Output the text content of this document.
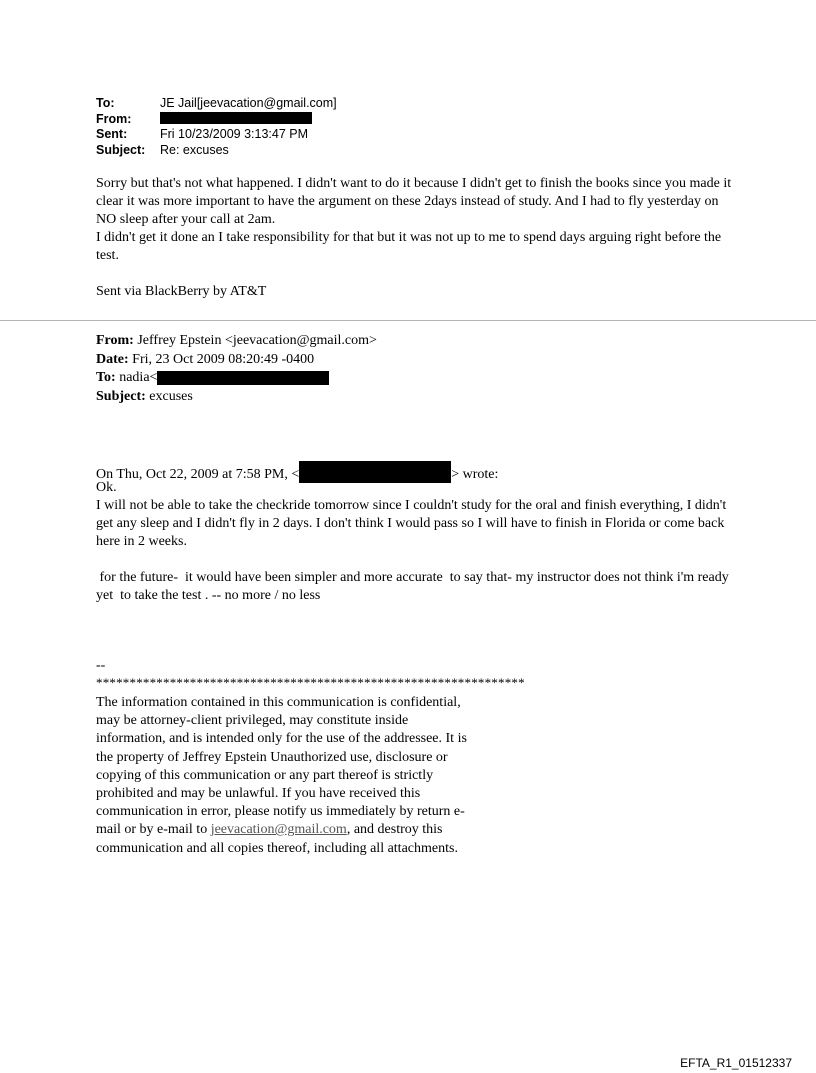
To:	JE Jail[jeevacation@gmail.com]
From:
Sent:	Fri 10/23/2009 3:13:47 PM
Subject:	Re: excuses

Sorry but that's not what happened. I didn't want to do it because I didn't get to finish the books since you made it clear it was more important to have the argument on these 2days instead of study. And I had to fly yesterday on NO sleep after your call at 2am.

I didn't get it done an I take responsibility for that but it was not up to me to spend days arguing right before the test.

Sent via BlackBerry by AT&T
From: Jeffrey Epstein <jeevacation@gmail.com>
Date: Fri, 23 Oct 2009 08:20:49 -0400
To: nadia<
Subject: excuses
On Thu, Oct 22, 2009 at 7:58 PM, <	> wrote:
Ok.

I will not be able to take the checkride tomorrow since I couldn't study for the oral and finish everything, I didn't get any sleep and I didn't fly in 2 days. I don't think I would pass so I will have to finish in Florida or come back here in 2 weeks.

for the future-  it would have been simpler and more accurate  to say that- my instructor does not think i'm ready yet  to take the test . -- no more / no less
--
****************************************************************
The information contained in this communication is confidential, may be attorney-client privileged, may constitute inside information, and is intended only for the use of the addressee. It is the property of Jeffrey Epstein Unauthorized use, disclosure or copying of this communication or any part thereof is strictly prohibited and may be unlawful. If you have received this communication in error, please notify us immediately by return e-mail or by e-mail to jeevacation@gmail.com, and destroy this communication and all copies thereof, including all attachments.
EFTA_R1_01512337
